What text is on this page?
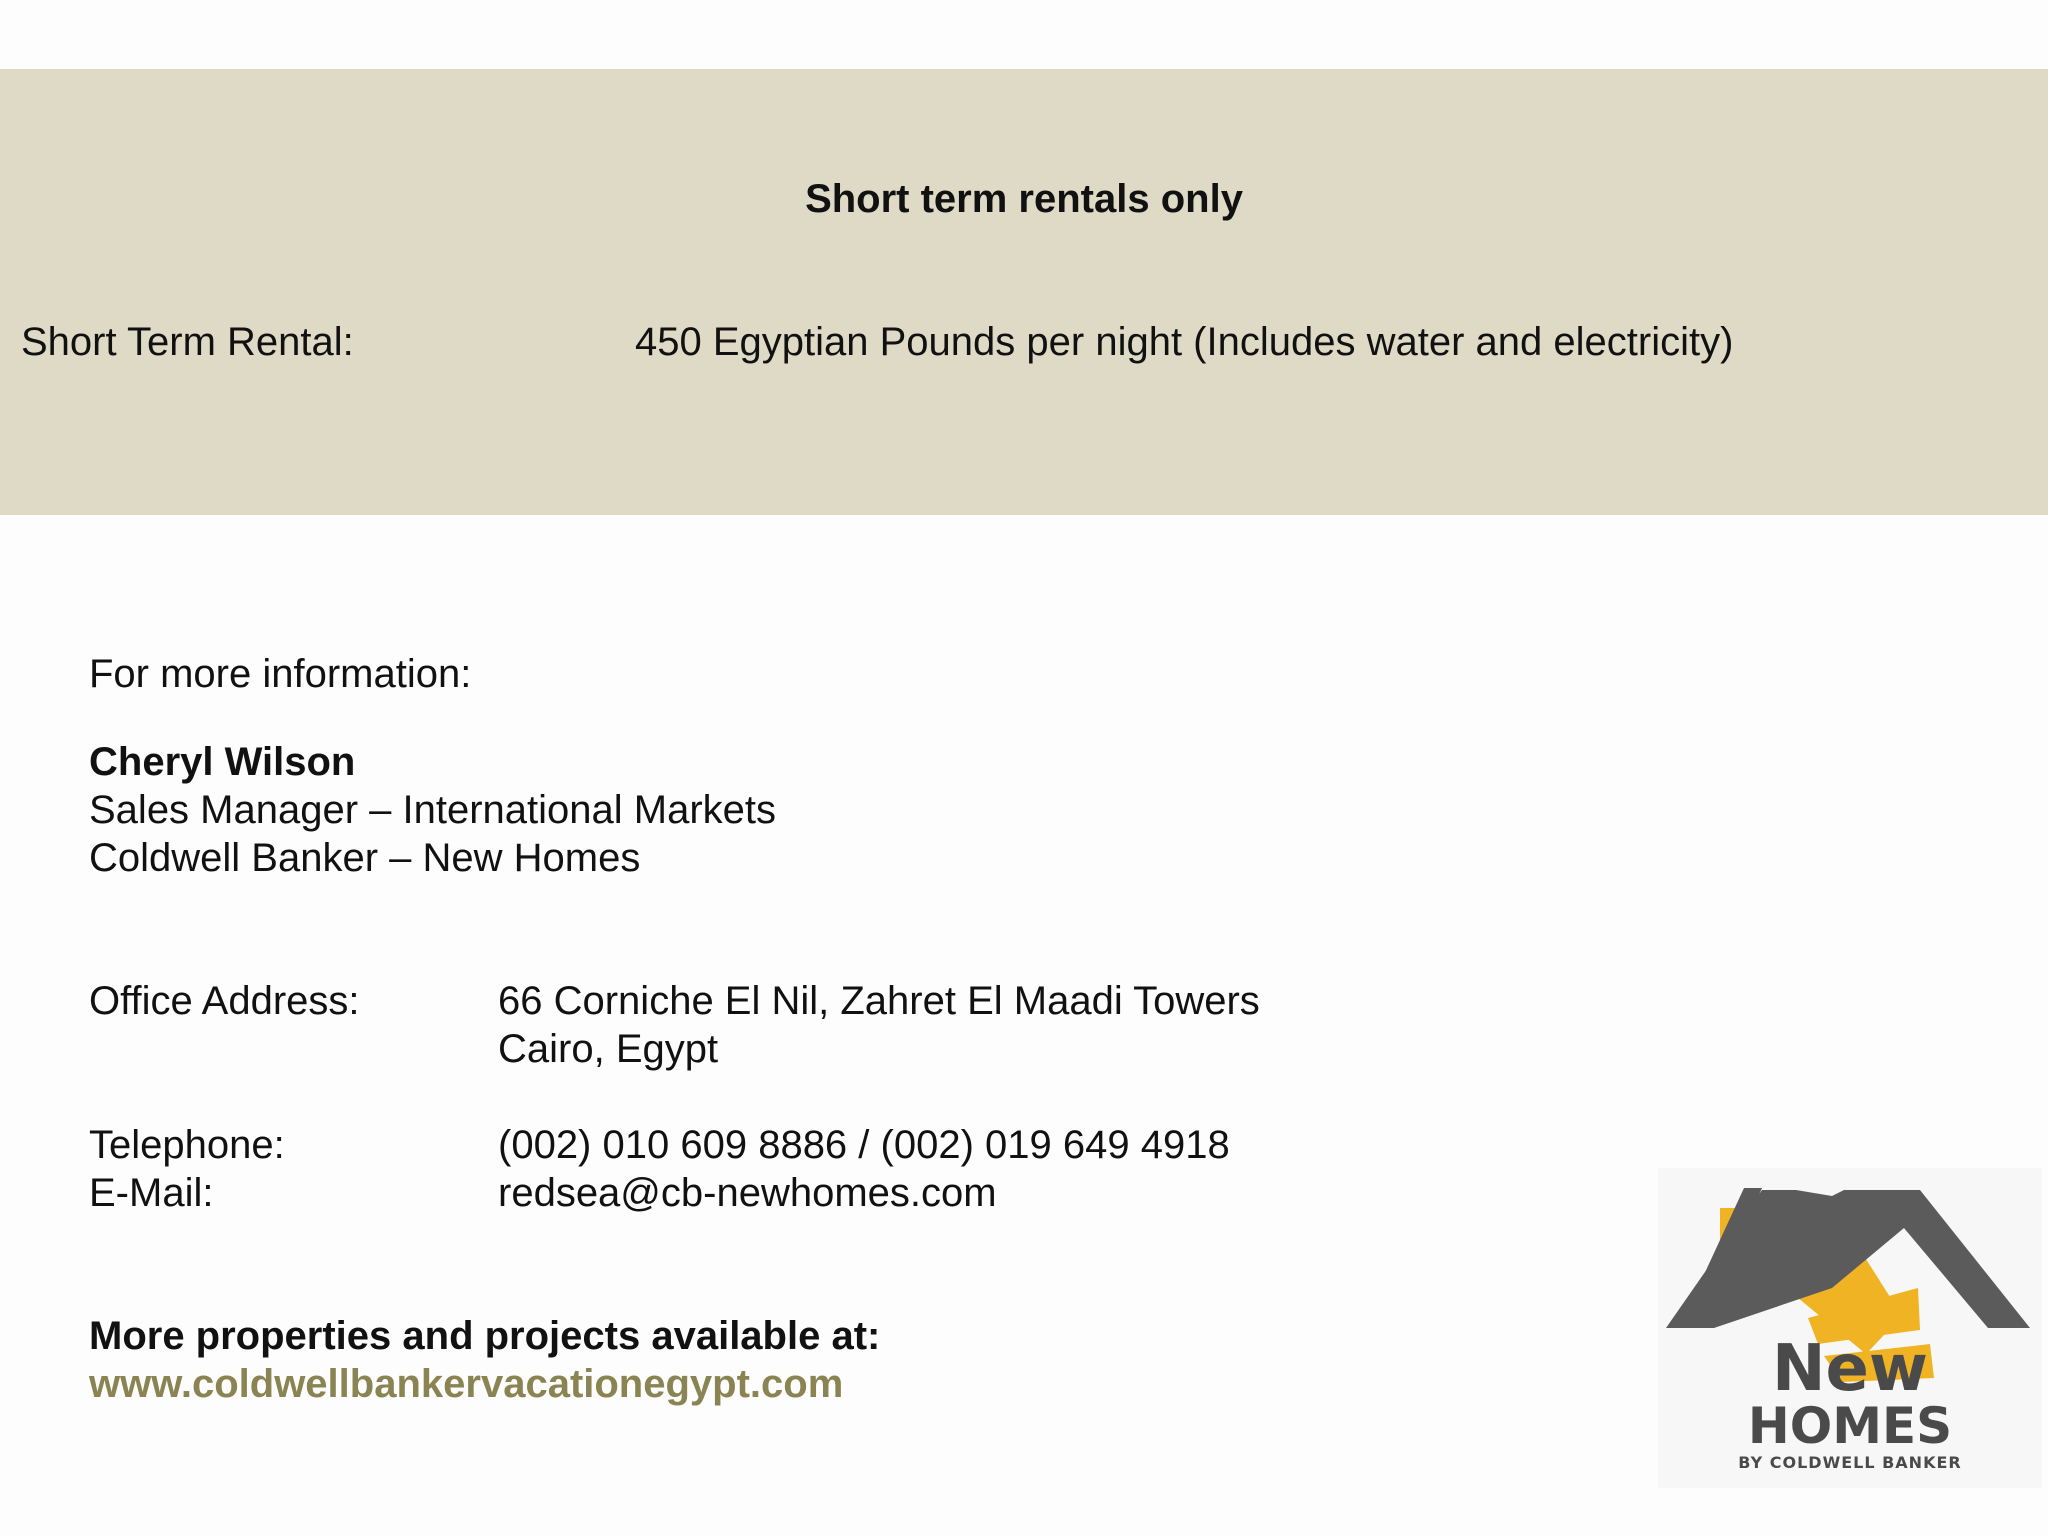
Short term rentals only
Short Term Rental:	450 Egyptian Pounds per night (Includes water and electricity)
For more information:
Cheryl Wilson
Sales Manager – International Markets
Coldwell Banker – New Homes
Office Address:	66 Corniche El Nil, Zahret El Maadi Towers
Cairo, Egypt
Telephone:	(002) 010 609 8886 / (002) 019 649 4918
E-Mail:	redsea@cb-newhomes.com
More properties and projects available at:
www.coldwellbankervacationegypt.com	New
HOMES
BY COLDWELL BANKER
